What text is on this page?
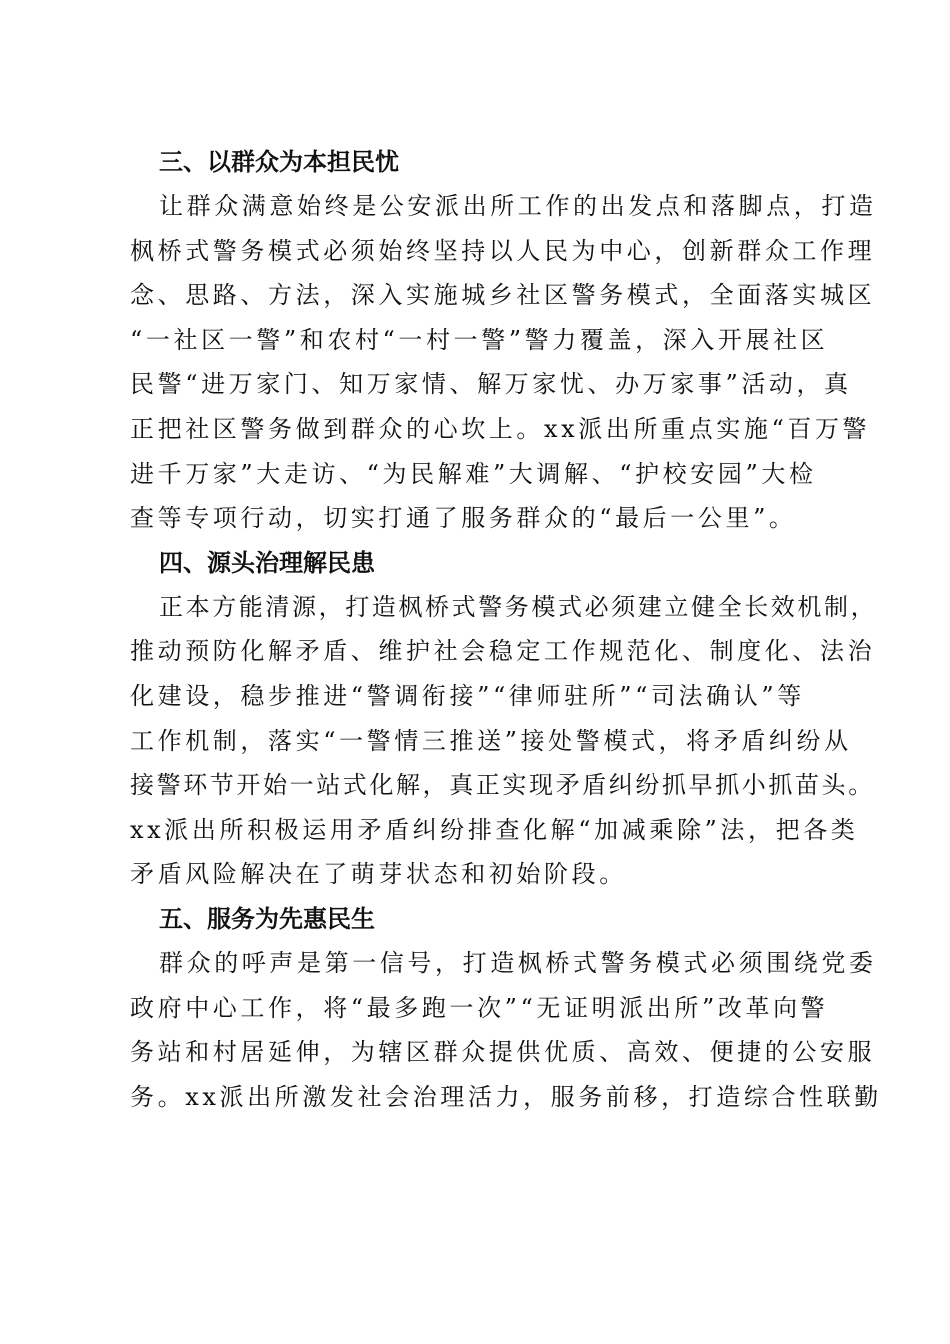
三、以群众为本担民忧
让群众满意始终是公安派出所工作的出发点和落脚点，打造
枫桥式警务模式必须始终坚持以人民为中心，创新群众工作理
念、思路、方法，深入实施城乡社区警务模式，全面落实城区
“一社区一警”和农村“一村一警”警力覆盖，深入开展社区
民警“进万家门、知万家情、解万家忧、办万家事”活动，真
正把社区警务做到群众的心坎上。xx派出所重点实施“百万警
进千万家”大走访、“为民解难”大调解、“护校安园”大检
查等专项行动，切实打通了服务群众的“最后一公里”。
四、源头治理解民患
正本方能清源，打造枫桥式警务模式必须建立健全长效机制，
推动预防化解矛盾、维护社会稳定工作规范化、制度化、法治
化建设，稳步推进“警调衔接”“律师驻所”“司法确认”等
工作机制，落实“一警情三推送”接处警模式，将矛盾纠纷从
接警环节开始一站式化解，真正实现矛盾纠纷抓早抓小抓苗头。
xx派出所积极运用矛盾纠纷排查化解“加减乘除”法，把各类
矛盾风险解决在了萌芽状态和初始阶段。
五、服务为先惠民生
群众的呼声是第一信号，打造枫桥式警务模式必须围绕党委
政府中心工作，将“最多跑一次”“无证明派出所”改革向警
务站和村居延伸，为辖区群众提供优质、高效、便捷的公安服
务。xx派出所激发社会治理活力，服务前移，打造综合性联勤
